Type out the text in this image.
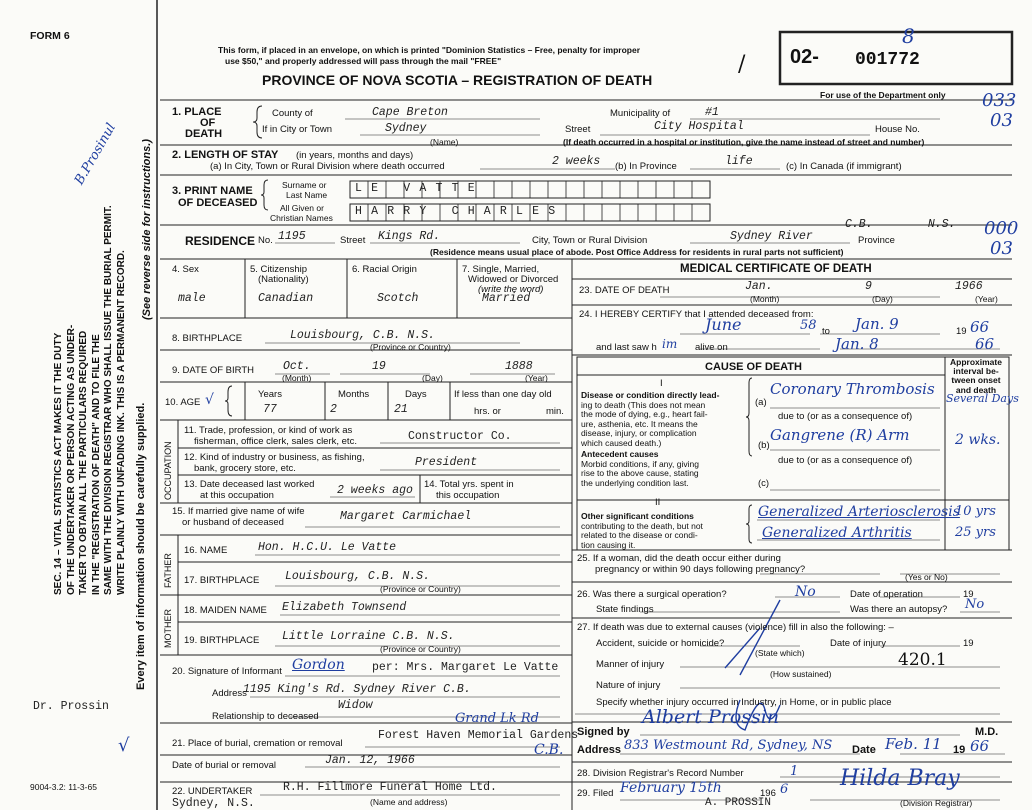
FORM 6
SEC. 14 – VITAL STATISTICS ACT MAKES IT THE DUTY OF THE UNDERTAKER OR PERSON ACTING AS UNDER- TAKER TO OBTAIN ALL THE PARTICULARS REQUIRED IN THE "REGISTRATION OF DEATH" AND TO FILE THE SAME WITH THE DIVISION REGISTRAR WHO SHALL ISSUE THE BURIAL PERMIT. WRITE PLAINLY WITH UNFADING INK. THIS IS A PERMANENT RECORD. Every item of information should be carefully supplied.
(See reverse side for instructions.)
B.Prosinul
Dr. Prossin
√
9004-3.2: 11-3-65
This form, if placed in an envelope, on which is printed "Dominion Statistics – Free, penalty for improper
use $50," and properly addressed will pass through the mail "FREE"
PROVINCE OF NOVA SCOTIA – REGISTRATION OF DEATH
/ 02- 001772
8
For use of the Department only 033
03
000
03
1. PLACE
OF
DEATH
County of	Cape Breton	Municipality of	#1
If in City or Town	Sydney	Street	City Hospital	House No.
(Name)	(If death occurred in a hospital or institution, give the name instead of street and number)
2. LENGTH OF STAY (in years, months and days)
(a) In City, Town or Rural Division where death occurred	2 weeks (b) In Province	life	(c) In Canada (if immigrant)
3. PRINT NAME
OF DECEASED
Surname or
Last Name LE VATTE
All Given or
Christian Names HARRY CHARLES
RESIDENCE No. 1195	Street Kings Rd.	City, Town or Rural Division	Sydney River	Province
C.B.        N.S.
(Residence means usual place of abode. Post Office Address for residents in rural parts not sufficient)
4. Sex
male
5. Citizenship
(Nationality)
Canadian
6. Racial Origin
Scotch
7. Single, Married,
Widowed or Divorced
(write the word)
Married
8. BIRTHPLACE	Louisbourg, C.B. N.S.
(Province or Country)
9. DATE OF BIRTH	Oct.	19	1888
(Month)	(Day)	(Year)
10. AGE √	Years
77
Months
2
Days
21
If less than one day old
hrs. or	min.
OCCUPATION
11. Trade, profession, or kind of work as
fisherman, office clerk, sales clerk, etc.	Constructor Co.
12. Kind of industry or business, as fishing,
bank, grocery store, etc.	President
13. Date deceased last worked
at this occupation	2 weeks ago 14. Total yrs. spent in
this occupation
15. If married give name of wife
or husband of deceased	Margaret Carmichael
FATHER
16. NAME	Hon. H.C.U. Le Vatte
17. BIRTHPLACE Louisbourg, C.B. N.S.
(Province or Country)
MOTHER 18. MAIDEN NAME Elizabeth Townsend
19. BIRTHPLACE Little Lorraine C.B. N.S.
(Province or Country)
20. Signature of Informant Gordon per: Mrs. Margaret Le Vatte
Address
1195 King's Rd. Sydney River C.B.
Widow
Relationship to deceased	Grand Lk Rd
21. Place of burial, cremation or removal
Forest Haven Memorial Gardens
C.B.
Date of burial or removal	Jan. 12, 1966
22. UNDERTAKER	R.H. Fillmore Funeral Home Ltd.
Sydney, N.S.	(Name and address)
MEDICAL CERTIFICATE OF DEATH
23. DATE OF DEATH	Jan.	9	1966
(Month)	(Day)	(Year)
24. I HEREBY CERTIFY that I attended deceased from:
June	58 to Jan. 9	19 66
and last saw h im alive on	Jan. 8	66
Approximate
interval be-
tween onset
and death
CAUSE OF DEATH
I
Disease or condition directly lead-
ing to death (This does not mean
the mode of dying, e.g., heart fail-
ure, asthenia, etc. It means the
disease, injury, or complication
which caused death.)
Antecedent causes
Morbid conditions, if any, giving
rise to the above cause, stating
the underlying condition last.
II
Other significant conditions
contributing to the death, but not
related to the disease or condi-
tion causing it.
(a)
Coronary Thrombosis
Several Days
due to (or as a consequence of)
(b)
Gangrene (R) Arm	2 wks.
due to (or as a consequence of)
(c)
Generalized Arteriosclerosis
10 yrs
Generalized Arthritis	25 yrs
25. If a woman, did the death occur either during
pregnancy or within 90 days following pregnancy?
(Yes or No)
26. Was there a surgical operation?	No	Date of operation	19
State findings	Was there an autopsy? No
27. If death was due to external causes (violence) fill in also the following: –
Accident, suicide or homicide?	Date of injury	19
(State which)
Manner of injury	420.1
(How sustained)
Nature of injury
Specify whether injury occurred in Industry, in Home, or in public place
Signed by
Albert Prossin
M.D.
Address 833 Westmount Rd, Sydney, NS Date Feb. 11 19 66
28. Division Registrar's Record Number	1
29. Filed February 15th	196 6 Hilda Bray
(Division Registrar)
A. PROSSIN
